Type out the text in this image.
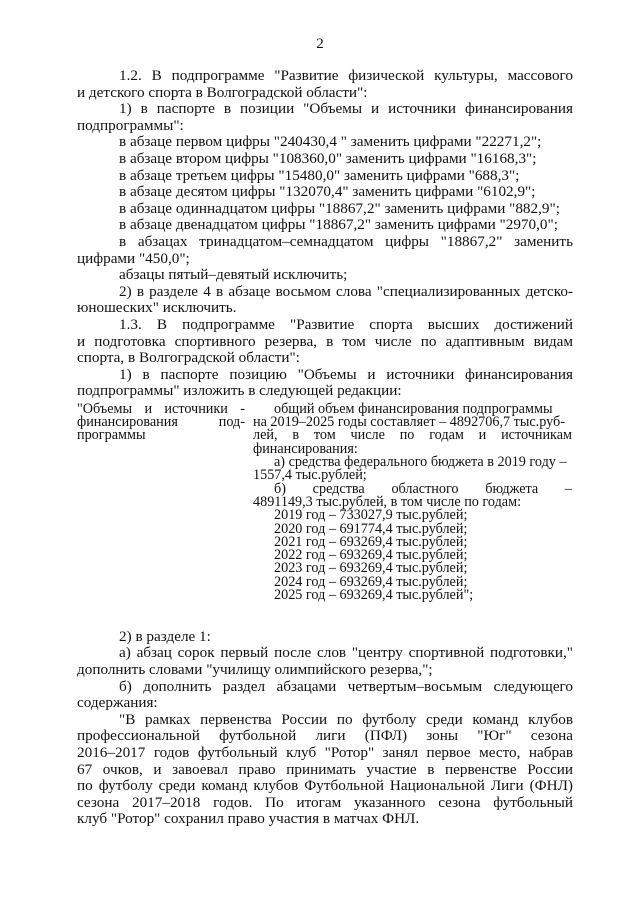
2
1.2. В подпрограмме "Развитие физической культуры, массового
и детского спорта в Волгоградской области":
1) в паспорте в позиции "Объемы и источники финансирования
подпрограммы":
в абзаце первом цифры "240430,4 " заменить цифрами "22271,2";
в абзаце втором цифры "108360,0" заменить цифрами "16168,3";
в абзаце третьем цифры "15480,0" заменить цифрами "688,3";
в абзаце десятом цифры "132070,4" заменить цифрами "6102,9";
в абзаце одиннадцатом цифры "18867,2" заменить цифрами "882,9";
в абзаце двенадцатом цифры "18867,2" заменить цифрами "2970,0";
в абзацах тринадцатом–семнадцатом цифры "18867,2" заменить
цифрами "450,0";
абзацы пятый–девятый исключить;
2) в разделе 4 в абзаце восьмом слова "специализированных детско-
юношеских" исключить.
1.3. В подпрограмме "Развитие спорта высших достижений
и подготовка спортивного резерва, в том числе по адаптивным видам
спорта, в Волгоградской области":
1) в паспорте позицию "Объемы и источники финансирования
подпрограммы" изложить в следующей редакции:
"Объемы и источники -
финансирования под-
программы
общий объем финансирования подпрограммы
на 2019–2025 годы составляет – 4892706,7 тыс.руб-
лей, в том числе по годам и источникам
финансирования:
а) средства федерального бюджета в 2019 году –
1557,4 тыс.рублей;
б) средства областного бюджета –
4891149,3 тыс.рублей, в том числе по годам:
2019 год – 733027,9 тыс.рублей;
2020 год – 691774,4 тыс.рублей;
2021 год – 693269,4 тыс.рублей;
2022 год – 693269,4 тыс.рублей;
2023 год – 693269,4 тыс.рублей;
2024 год – 693269,4 тыс.рублей;
2025 год – 693269,4 тыс.рублей";
2) в разделе 1:
а) абзац сорок первый после слов "центру спортивной подготовки,"
дополнить словами "училищу олимпийского резерва,";
б) дополнить раздел абзацами четвертым–восьмым следующего
содержания:
"В рамках первенства России по футболу среди команд клубов
профессиональной футбольной лиги (ПФЛ) зоны "Юг" сезона
2016–2017 годов футбольный клуб "Ротор" занял первое место, набрав
67 очков, и завоевал право принимать участие в первенстве России
по футболу среди команд клубов Футбольной Национальной Лиги (ФНЛ)
сезона 2017–2018 годов. По итогам указанного сезона футбольный
клуб "Ротор" сохранил право участия в матчах ФНЛ.
